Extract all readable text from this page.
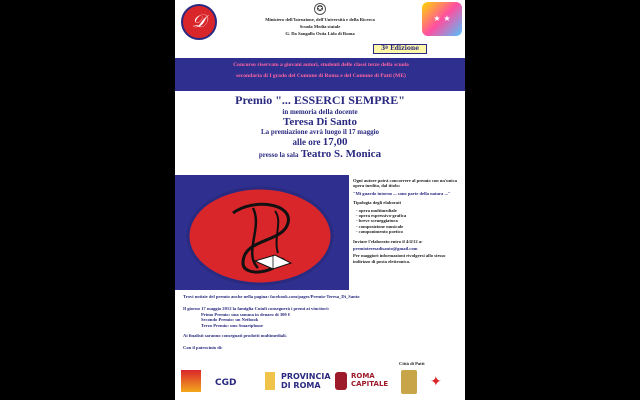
𝒟
✪
Ministero dell'Istruzione, dell'Università e della Ricerca
Scuola Media statale
G. Da Sangallo Ostia Lido di Roma
★ ★
3ª Edizione
Concorso riservato a giovani autori, studenti delle classi terze della scuola
secondaria di I grado del Comune di Roma e del Comune di Patti (ME)
Premio "... ESSERCI SEMPRE"
in memoria della docente
Teresa Di Santo
La premiazione avrà luogo il 17 maggio
alle ore 17,00
presso la sala Teatro S. Monica
Ogni autore potrà concorrere al premio con un'unica opera inedita, dal titolo:
"Mi guardo intorno ... sono parte della natura ..."
Tipologia degli elaborati
- opera multimediale
- opera espressivo-grafica
- breve sceneggiatura
- composizione musicale
- componimento poetico
Inviare l'elaborato entro il 4/4/12 a:
premioteresadisanto@gmail.com
Per maggiori informazioni rivolgersi allo stesso indirizzo di posta elettronica.
Trovi notizie del premio anche nella pagina: facebook.com/pages/Premio-Teresa_Di_Santo
Il giorno 17 maggio 2012 la famiglia Cuiuli consegnerà i premi ai vincitori:
Primo Premio: una somma in denaro di 300 €
Secondo Premio: un Netbook
Terzo Premio: uno Smartphone
Ai finalisti saranno consegnati prodotti multimediali.
Con il patrocinio di:
CGD
PROVINCIA
DI ROMA
ROMA
CAPITALE	✦
Città di Patti
